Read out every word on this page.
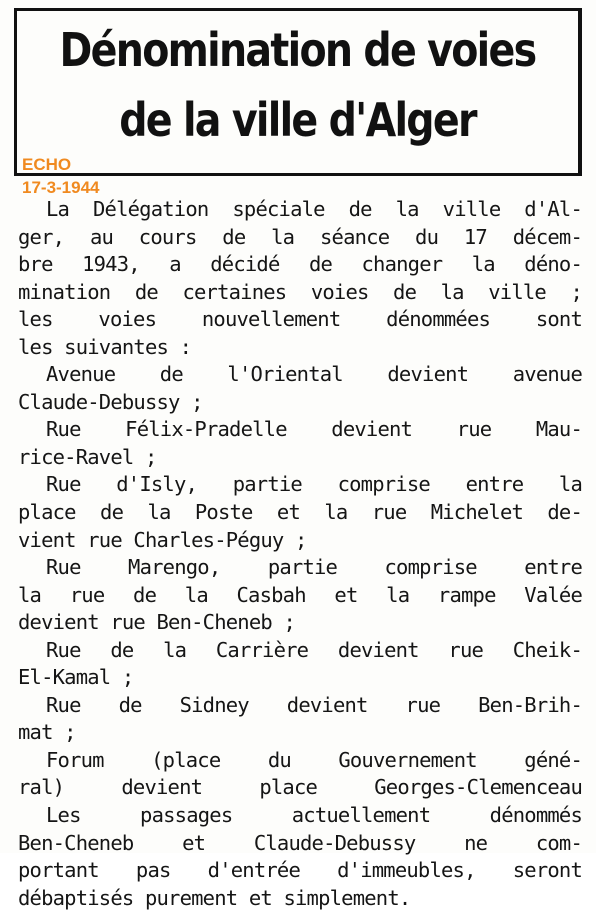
Dénomination de voies
de la ville d'Alger
ECHO
17-3-1944
La Délégation spéciale de la ville d'Al-
ger, au cours de la séance du 17 décem-
bre 1943, a décidé de changer la déno-
mination de certaines voies de la ville ;
les voies nouvellement dénommées sont
les suivantes :
Avenue de l'Oriental devient avenue
Claude-Debussy ;
Rue Félix-Pradelle devient rue Mau-
rice-Ravel ;
Rue d'Isly, partie comprise entre la
place de la Poste et la rue Michelet de-
vient rue Charles-Péguy ;
Rue Marengo, partie comprise entre
la rue de la Casbah et la rampe Valée
devient rue Ben-Cheneb ;
Rue de la Carrière devient rue Cheik-
El-Kamal ;
Rue de Sidney devient rue Ben-Brih-
mat ;
Forum (place du Gouvernement géné-
ral) devient place Georges-Clemenceau
Les passages actuellement dénommés
Ben-Cheneb et Claude-Debussy ne com-
portant pas d'entrée d'immeubles, seront
débaptisés purement et simplement.
